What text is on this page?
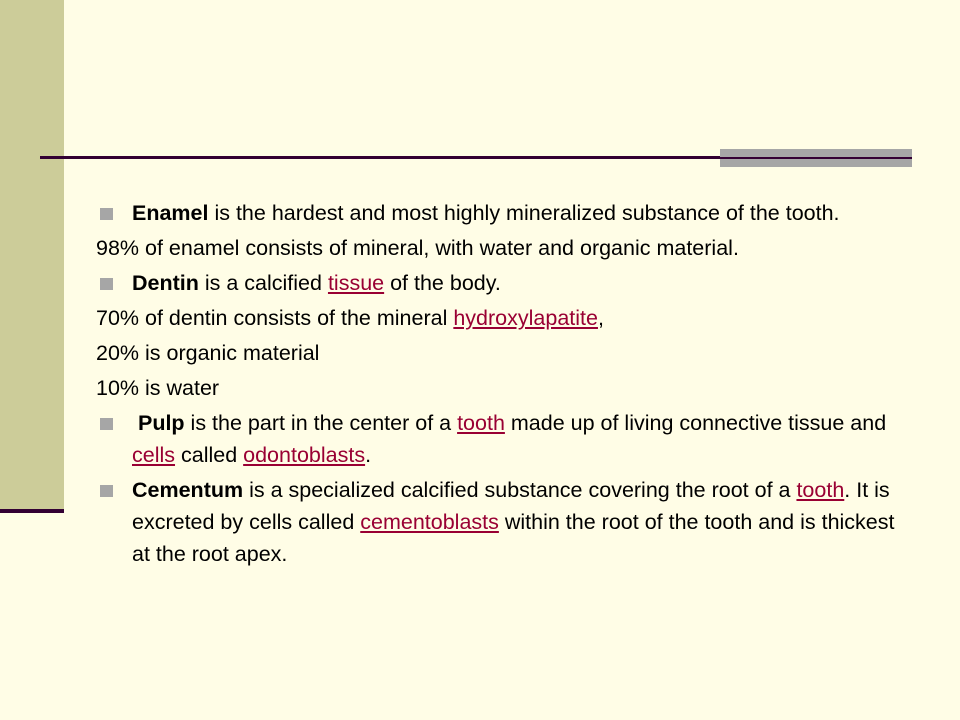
Enamel is the hardest and most highly mineralized substance of the tooth.
98% of enamel consists of mineral, with water and organic material.
Dentin is a calcified tissue of the body.
70% of dentin consists of the mineral hydroxylapatite,
20% is organic material
10% is water
Pulp is the part in the center of a tooth made up of living connective tissue and cells called odontoblasts.
Cementum is a specialized calcified substance covering the root of a tooth. It is excreted by cells called cementoblasts within the root of the tooth and is thickest at the root apex.
